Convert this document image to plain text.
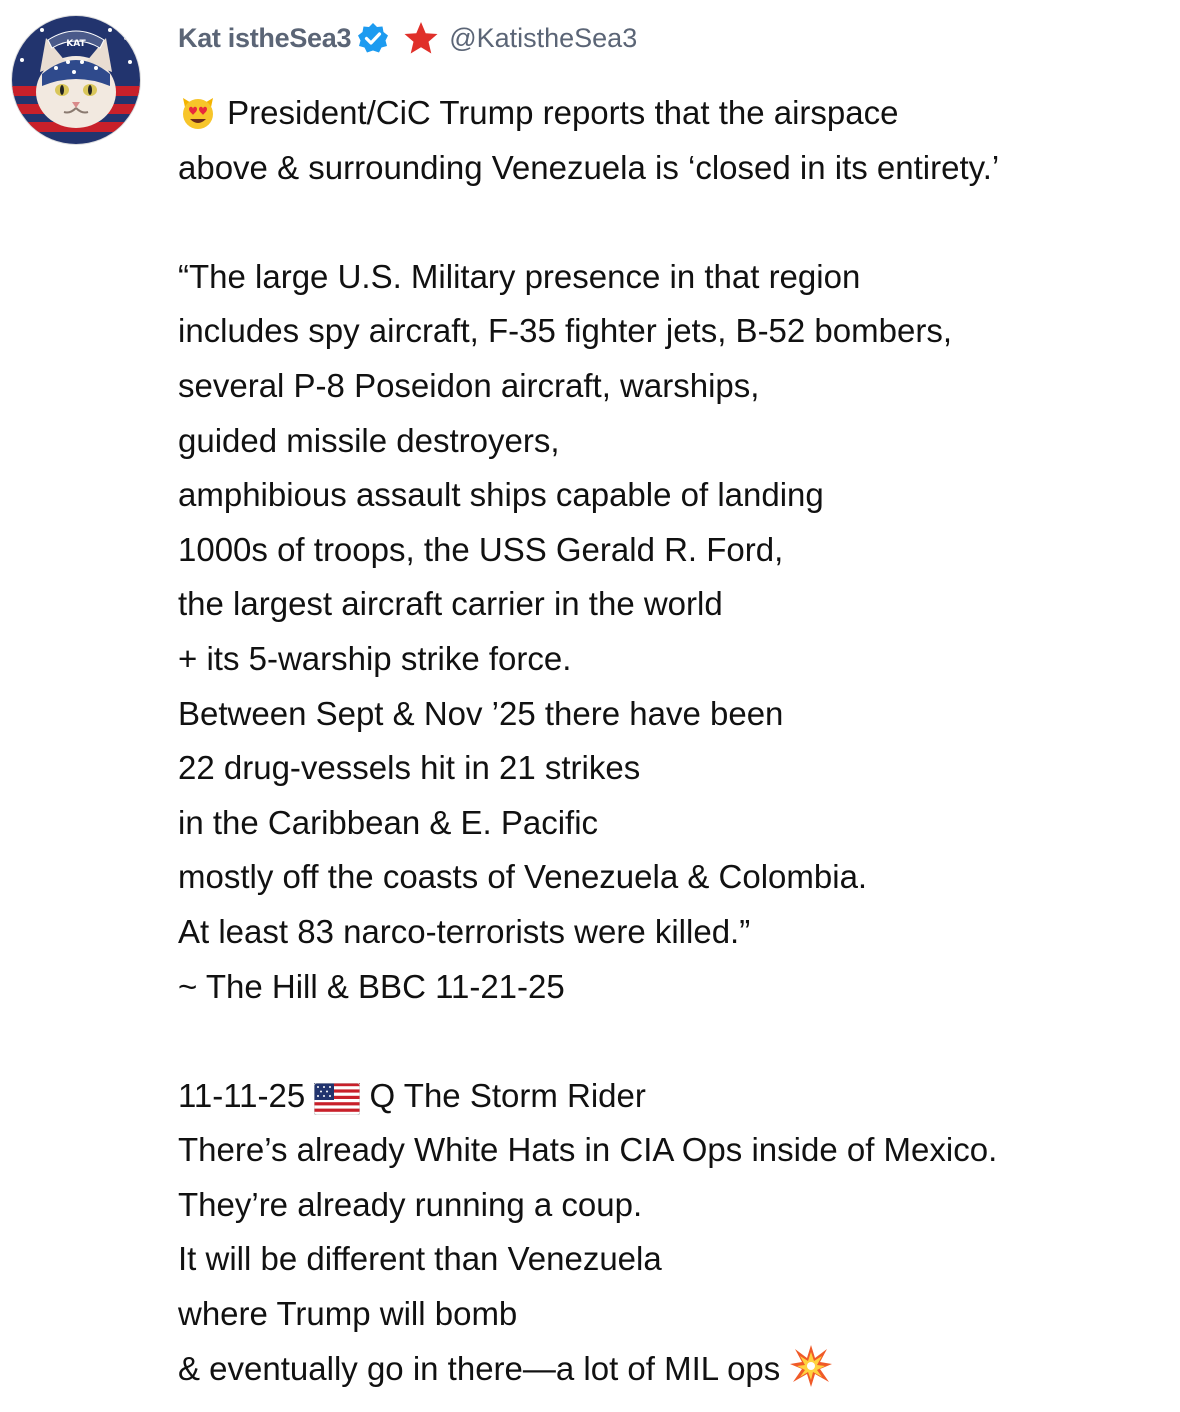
KAT	Kat istheSea3	@KatistheSea3
President/CiC Trump reports that the airspace
above & surrounding Venezuela is ‘closed in its entirety.’
“The large U.S. Military presence in that region
includes spy aircraft, F-35 fighter jets, B-52 bombers,
several P-8 Poseidon aircraft, warships,
guided missile destroyers,
amphibious assault ships capable of landing
1000s of troops, the USS Gerald R. Ford,
the largest aircraft carrier in the world
+ its 5-warship strike force.
Between Sept & Nov ’25 there have been
22 drug-vessels hit in 21 strikes
in the Caribbean & E. Pacific
mostly off the coasts of Venezuela & Colombia.
At least 83 narco-terrorists were killed.”
~ The Hill & BBC 11-21-25
11-11-25 Q The Storm Rider
There’s already White Hats in CIA Ops inside of Mexico.
They’re already running a coup.
It will be different than Venezuela
where Trump will bomb
& eventually go in there—a lot of MIL ops
